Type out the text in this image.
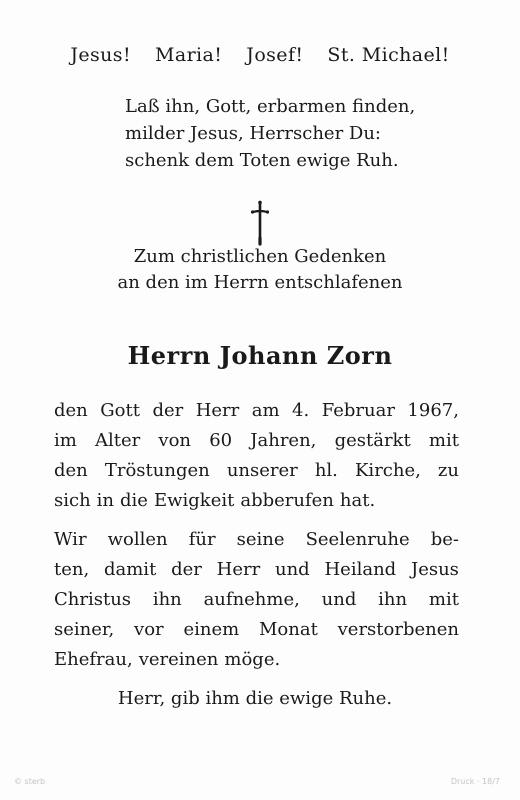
Jesus! Maria! Josef! St. Michael!
Laß ihn, Gott, erbarmen finden,
milder Jesus, Herrscher Du:
schenk dem Toten ewige Ruh.
Zum christlichen Gedenken
an den im Herrn entschlafenen
Herrn Johann Zorn
den Gott der Herr am 4. Februar 1967,
im Alter von 60 Jahren, gestärkt mit
den Tröstungen unserer hl. Kirche, zu
sich in die Ewigkeit abberufen hat.
Wir wollen für seine Seelenruhe be-
ten, damit der Herr und Heiland Jesus
Christus ihn aufnehme, und ihn mit
seiner, vor einem Monat verstorbenen
Ehefrau, vereinen möge.
Herr, gib ihm die ewige Ruhe.
© sterb	Druck · 18/7
